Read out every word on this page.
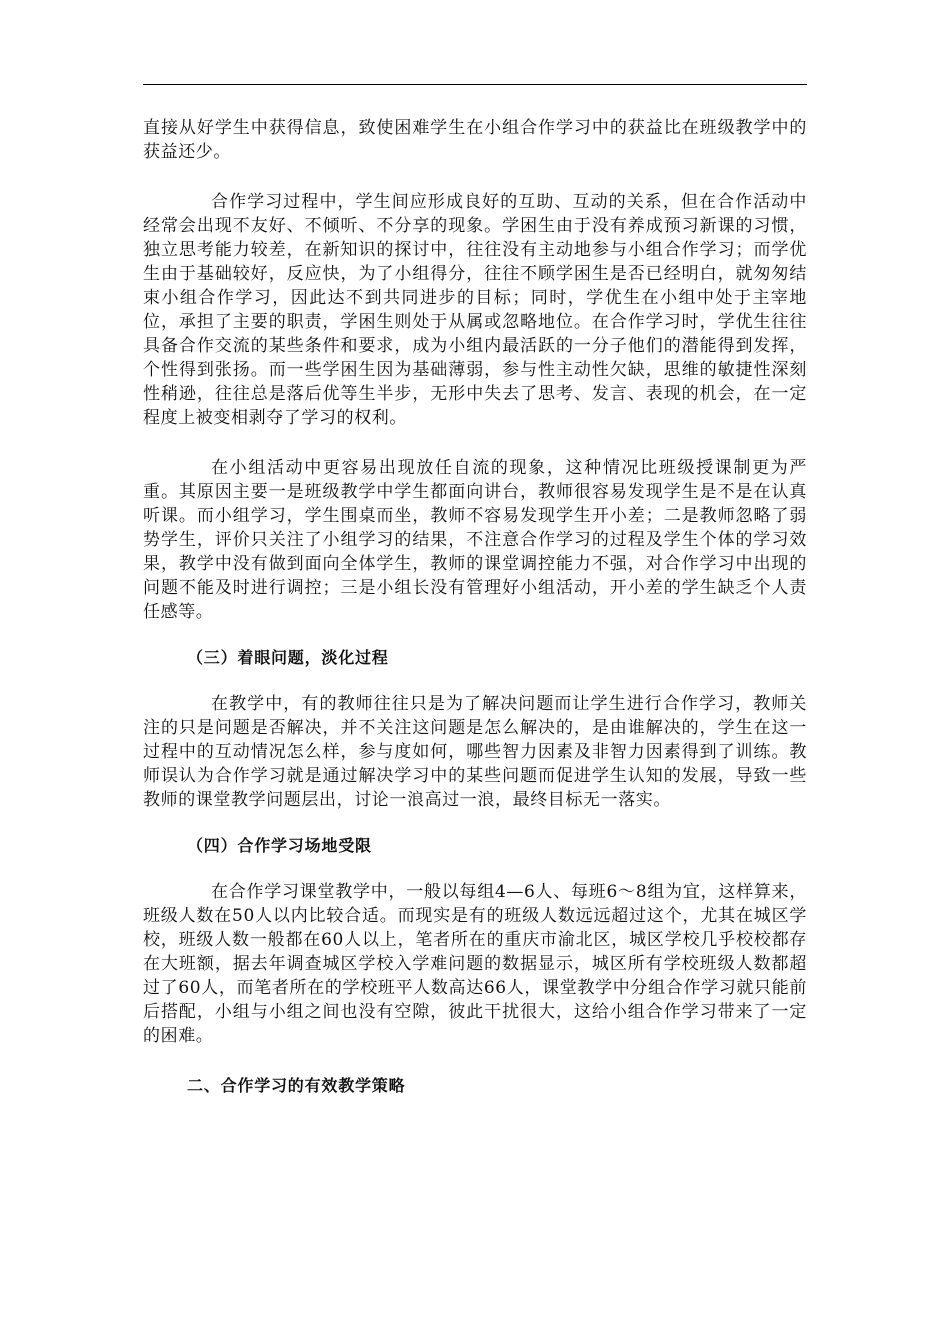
直接从好学生中获得信息，致使困难学生在小组合作学习中的获益比在班级教学中的获益还少。

合作学习过程中，学生间应形成良好的互助、互动的关系，但在合作活动中经常会出现不友好、不倾听、不分享的现象。学困生由于没有养成预习新课的习惯，独立思考能力较差，在新知识的探讨中，往往没有主动地参与小组合作学习；而学优生由于基础较好，反应快，为了小组得分，往往不顾学困生是否已经明白，就匆匆结束小组合作学习，因此达不到共同进步的目标；同时，学优生在小组中处于主宰地位，承担了主要的职责，学困生则处于从属或忽略地位。在合作学习时，学优生往往具备合作交流的某些条件和要求，成为小组内最活跃的一分子他们的潜能得到发挥，个性得到张扬。而一些学困生因为基础薄弱，参与性主动性欠缺，思维的敏捷性深刻性稍逊，往往总是落后优等生半步，无形中失去了思考、发言、表现的机会，在一定程度上被变相剥夺了学习的权利。

在小组活动中更容易出现放任自流的现象，这种情况比班级授课制更为严重。其原因主要一是班级教学中学生都面向讲台，教师很容易发现学生是不是在认真听课。而小组学习，学生围桌而坐，教师不容易发现学生开小差；二是教师忽略了弱势学生，评价只关注了小组学习的结果，不注意合作学习的过程及学生个体的学习效果，教学中没有做到面向全体学生，教师的课堂调控能力不强，对合作学习中出现的问题不能及时进行调控；三是小组长没有管理好小组活动，开小差的学生缺乏个人责任感等。

（三）着眼问题，淡化过程

在教学中，有的教师往往只是为了解决问题而让学生进行合作学习，教师关注的只是问题是否解决，并不关注这问题是怎么解决的，是由谁解决的，学生在这一过程中的互动情况怎么样，参与度如何，哪些智力因素及非智力因素得到了训练。教师误认为合作学习就是通过解决学习中的某些问题而促进学生认知的发展，导致一些教师的课堂教学问题层出，讨论一浪高过一浪，最终目标无一落实。

（四）合作学习场地受限

在合作学习课堂教学中，一般以每组4—6人、每班6～8组为宜，这样算来，班级人数在50人以内比较合适。而现实是有的班级人数远远超过这个，尤其在城区学校，班级人数一般都在60人以上，笔者所在的重庆市渝北区，城区学校几乎校校都存在大班额，据去年调查城区学校入学难问题的数据显示，城区所有学校班级人数都超过了60人，而笔者所在的学校班平人数高达66人，课堂教学中分组合作学习就只能前后搭配，小组与小组之间也没有空隙，彼此干扰很大，这给小组合作学习带来了一定的困难。

二、合作学习的有效教学策略
